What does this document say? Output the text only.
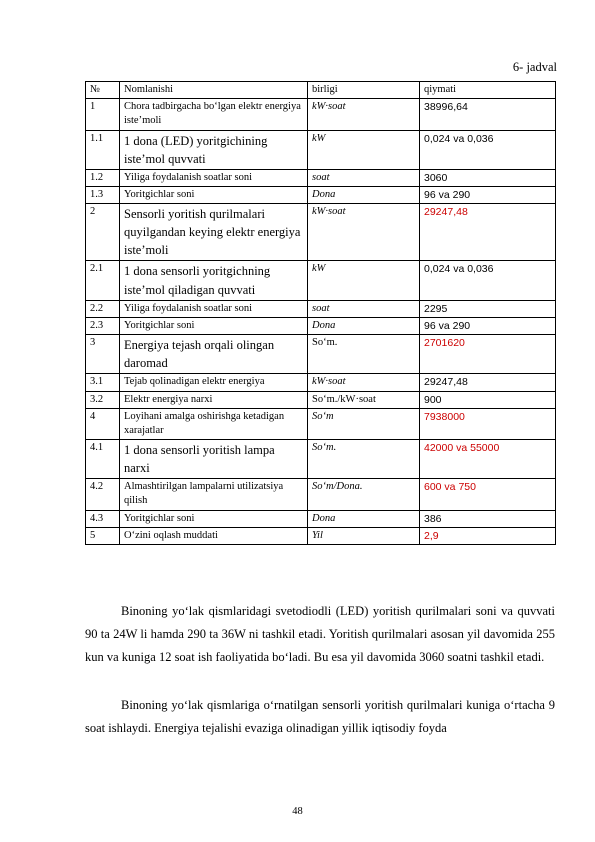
6- jadval
№	Nomlanishi	birligi	qiymati
1	Chora tadbirgacha bo‘lgan elektr energiya iste’moli	kW·soat	38996,64
1.1	1 dona (LED) yoritgichining iste’mol quvvati	kW	0,024 va 0,036
1.2	Yiliga foydalanish soatlar soni	soat	3060
1.3	Yoritgichlar soni	Dona	96 va 290
2	Sensorli yoritish qurilmalari quyilgandan keying elektr energiya iste’moli	kW·soat	29247,48
2.1	1 dona sensorli yoritgichning iste’mol qiladigan quvvati	kW	0,024 va 0,036
2.2	Yiliga foydalanish soatlar soni	soat	2295
2.3	Yoritgichlar soni	Dona	96 va 290
3	Energiya tejash orqali olingan daromad	So‘m.	2701620
3.1	Tejab qolinadigan elektr energiya	kW·soat	29247,48
3.2	Elektr energiya narxi	So‘m./kW·soat	900
4	Loyihani amalga oshirishga ketadigan xarajatlar	So‘m	7938000
4.1	1 dona sensorli yoritish lampa narxi	So‘m.	42000 va 55000
4.2	Almashtirilgan lampalarni utilizatsiya qilish	So‘m/Dona.	600 va 750
4.3	Yoritgichlar soni	Dona	386
5	O‘zini oqlash muddati	Yil	2,9

Binoning yo‘lak qismlaridagi svetodiodli (LED) yoritish qurilmalari soni va quvvati 90 ta 24W li hamda 290 ta 36W ni tashkil etadi. Yoritish qurilmalari asosan yil davomida 255 kun va kuniga 12 soat ish faoliyatida bo‘ladi. Bu esa yil davomida 3060 soatni tashkil etadi.

Binoning yo‘lak qismlariga o‘rnatilgan sensorli yoritish qurilmalari kuniga o‘rtacha 9 soat ishlaydi. Energiya tejalishi evaziga olinadigan yillik iqtisodiy foyda

48
